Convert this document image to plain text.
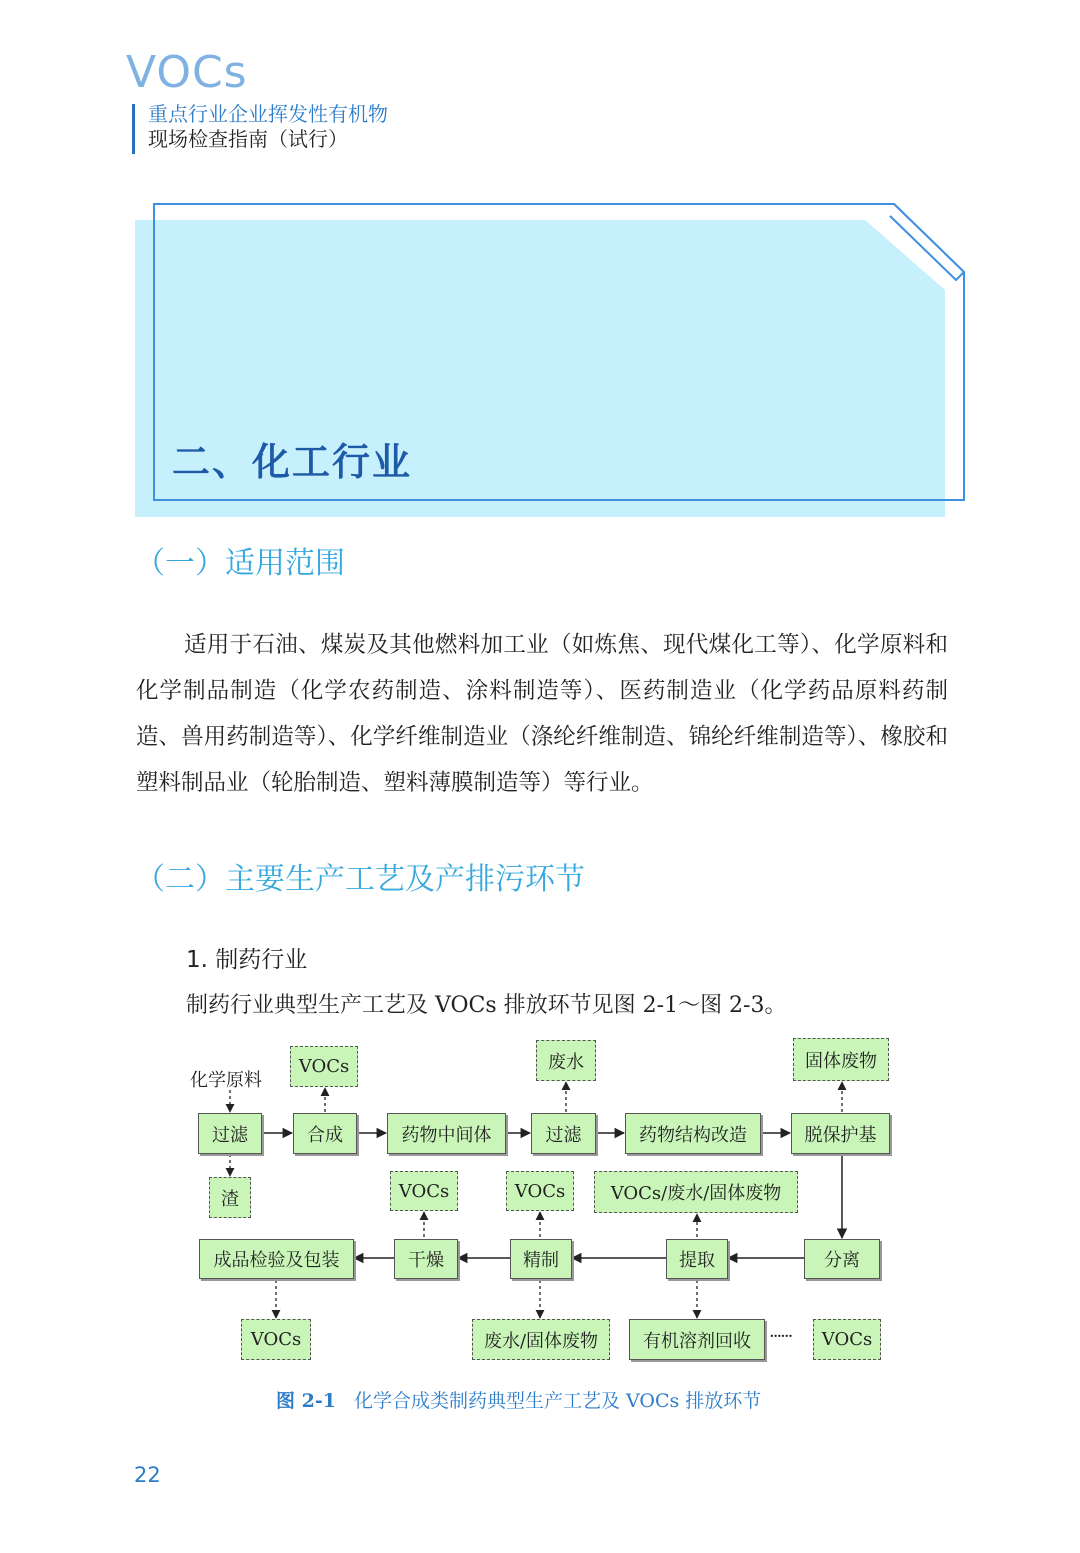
VOCs
重点行业企业挥发性有机物
现场检查指南（试行）
二、化工行业
（一）适用范围
适用于石油、煤炭及其他燃料加工业（如炼焦、现代煤化工等）、化学原料和化学制品制造（化学农药制造、涂料制造等）、医药制造业（化学药品原料药制造、兽用药制造等）、化学纤维制造业（涤纶纤维制造、锦纶纤维制造等）、橡胶和塑料制品业（轮胎制造、塑料薄膜制造等）等行业。
（二）主要生产工艺及产排污环节
1. 制药行业
制药行业典型生产工艺及 VOCs 排放环节见图 2-1～图 2-3。
化学原料
过滤	合成	药物中间体	过滤	药物结构改造	脱保护基
分离
提取
精制
干燥
成品检验及包装
VOCs	废水	固体废物
渣	VOCs	VOCs	VOCs/废水/固体废物
VOCs	废水/固体废物	有机溶剂回收	······	VOCs
图 2-1 化学合成类制药典型生产工艺及 VOCs 排放环节
22
